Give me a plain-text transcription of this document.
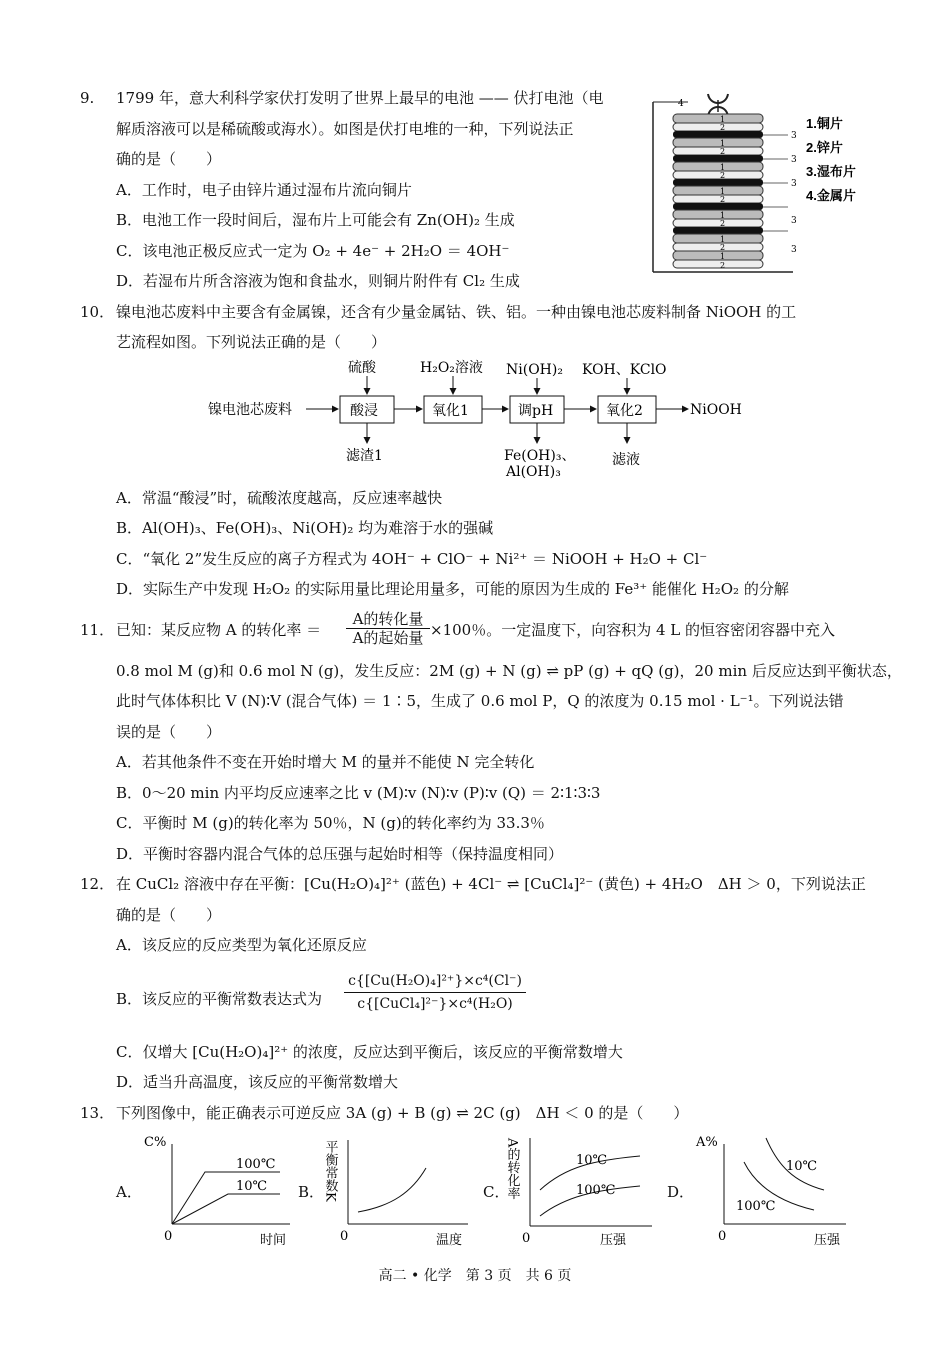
9. 1799 年，意大利科学家伏打发明了世界上最早的电池 —— 伏打电池（电
解质溶液可以是稀硫酸或海水）。如图是伏打电堆的一种，下列说法正
确的是（　　）
A．工作时，电子由锌片通过湿布片流向铜片
B．电池工作一段时间后，湿布片上可能会有 Zn(OH)₂ 生成
C．该电池正极反应式一定为 O₂ + 4e⁻ + 2H₂O ＝ 4OH⁻
D．若湿布片所含溶液为饱和食盐水，则铜片附件有 Cl₂ 生成
4
1
2
1
2
1
2
1
2
1
2
1
2
1
2
3
3
3
3
3
1.铜片
2.锌片
3.湿布片
4.金属片
10． 镍电池芯废料中主要含有金属镍，还含有少量金属钴、铁、铝。一种由镍电池芯废料制备 NiOOH 的工
艺流程如图。下列说法正确的是（　　）
镍电池芯废料	酸浸	氧化1	调pH	氧化2	NiOOH
硫酸	H₂O₂溶液 Ni(OH)₂ KOH、KClO
滤渣1	Fe(OH)₃、
Al(OH)₃
滤液
A．常温“酸浸”时，硫酸浓度越高，反应速率越快
B．Al(OH)₃、Fe(OH)₃、Ni(OH)₂ 均为难溶于水的强碱
C．“氧化 2”发生反应的离子方程式为 4OH⁻ + ClO⁻ + Ni²⁺ ＝ NiOOH + H₂O + Cl⁻
D．实际生产中发现 H₂O₂ 的实际用量比理论用量多，可能的原因为生成的 Fe³⁺ 能催化 H₂O₂ 的分解
11． 已知：某反应物 A 的转化率 ＝
A的转化量
A的起始量 ×100％。一定温度下，向容积为 4 L 的恒容密闭容器中充入
0.8 mol M (g)和 0.6 mol N (g)，发生反应：2M (g) + N (g) ⇌ pP (g) + qQ (g)，20 min 后反应达到平衡状态，
此时气体体积比 V (N)∶V (混合气体) ＝ 1∶5，生成了 0.6 mol P，Q 的浓度为 0.15 mol · L⁻¹。下列说法错
误的是（　　）
A．若其他条件不变在开始时增大 M 的量并不能使 N 完全转化
B．0～20 min 内平均反应速率之比 v (M)∶v (N)∶v (P)∶v (Q) ＝ 2∶1∶3∶3
C．平衡时 M (g)的转化率为 50％，N (g)的转化率约为 33.3％
D．平衡时容器内混合气体的总压强与起始时相等（保持温度相同）
12． 在 CuCl₂ 溶液中存在平衡：[Cu(H₂O)₄]²⁺ (蓝色) + 4Cl⁻ ⇌ [CuCl₄]²⁻ (黄色) + 4H₂O　ΔH ＞ 0，下列说法正
确的是（　　）
A．该反应的反应类型为氧化还原反应
B．该反应的平衡常数表达式为
c{[Cu(H₂O)₄]²⁺}×c⁴(Cl⁻)
c{[CuCl₄]²⁻}×c⁴(H₂O)
C．仅增大 [Cu(H₂O)₄]²⁺ 的浓度，反应达到平衡后，该反应的平衡常数增大
D．适当升高温度，该反应的平衡常数增大
13． 下列图像中，能正确表示可逆反应 3A (g) + B (g) ⇌ 2C (g)　ΔH ＜ 0 的是（　　）
A．
C%
时间
0
100℃
10℃ B．
平衡常数K
温度
0
C．
A的转化率
压强
0
10℃
100℃	D．
A%
压强
0
10℃
100℃
高二 • 化学　第 3 页　共 6 页
